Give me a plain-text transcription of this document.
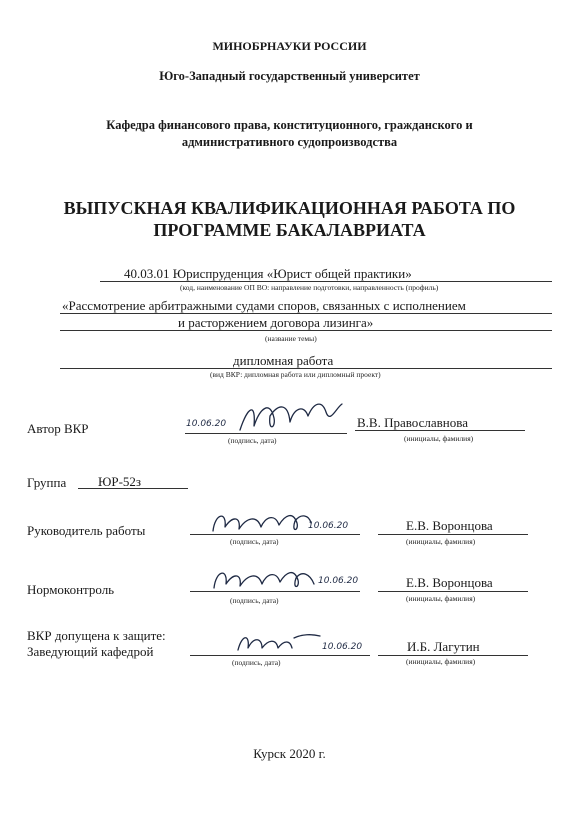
МИНОБРНАУКИ РОССИИ
Юго-Западный государственный университет
Кафедра финансового права, конституционного, гражданского и
административного судопроизводства
ВЫПУСКНАЯ КВАЛИФИКАЦИОННАЯ РАБОТА ПО
ПРОГРАММЕ БАКАЛАВРИАТА
40.03.01 Юриспруденция «Юрист общей практики»
(код, наименование ОП ВО: направление подготовки, направленность (профиль)
«Рассмотрение арбитражными судами споров, связанных с исполнением
и расторжением договора лизинга»
(название темы)
дипломная работа
(вид ВКР: дипломная работа или дипломный проект)
Автор ВКР	10.06.20
(подпись, дата)
В.В. Православнова
(инициалы, фамилия)
Группа ЮР-52з
Руководитель работы	10.06.20
(подпись, дата)
Е.В. Воронцова
(инициалы, фамилия)
Нормоконтроль
10.06.20
(подпись, дата)
Е.В. Воронцова
(инициалы, фамилия)
ВКР допущена к защите:
Заведующий кафедрой	10.06.20
(подпись, дата)
И.Б. Лагутин
(инициалы, фамилия)
Курск 2020 г.
